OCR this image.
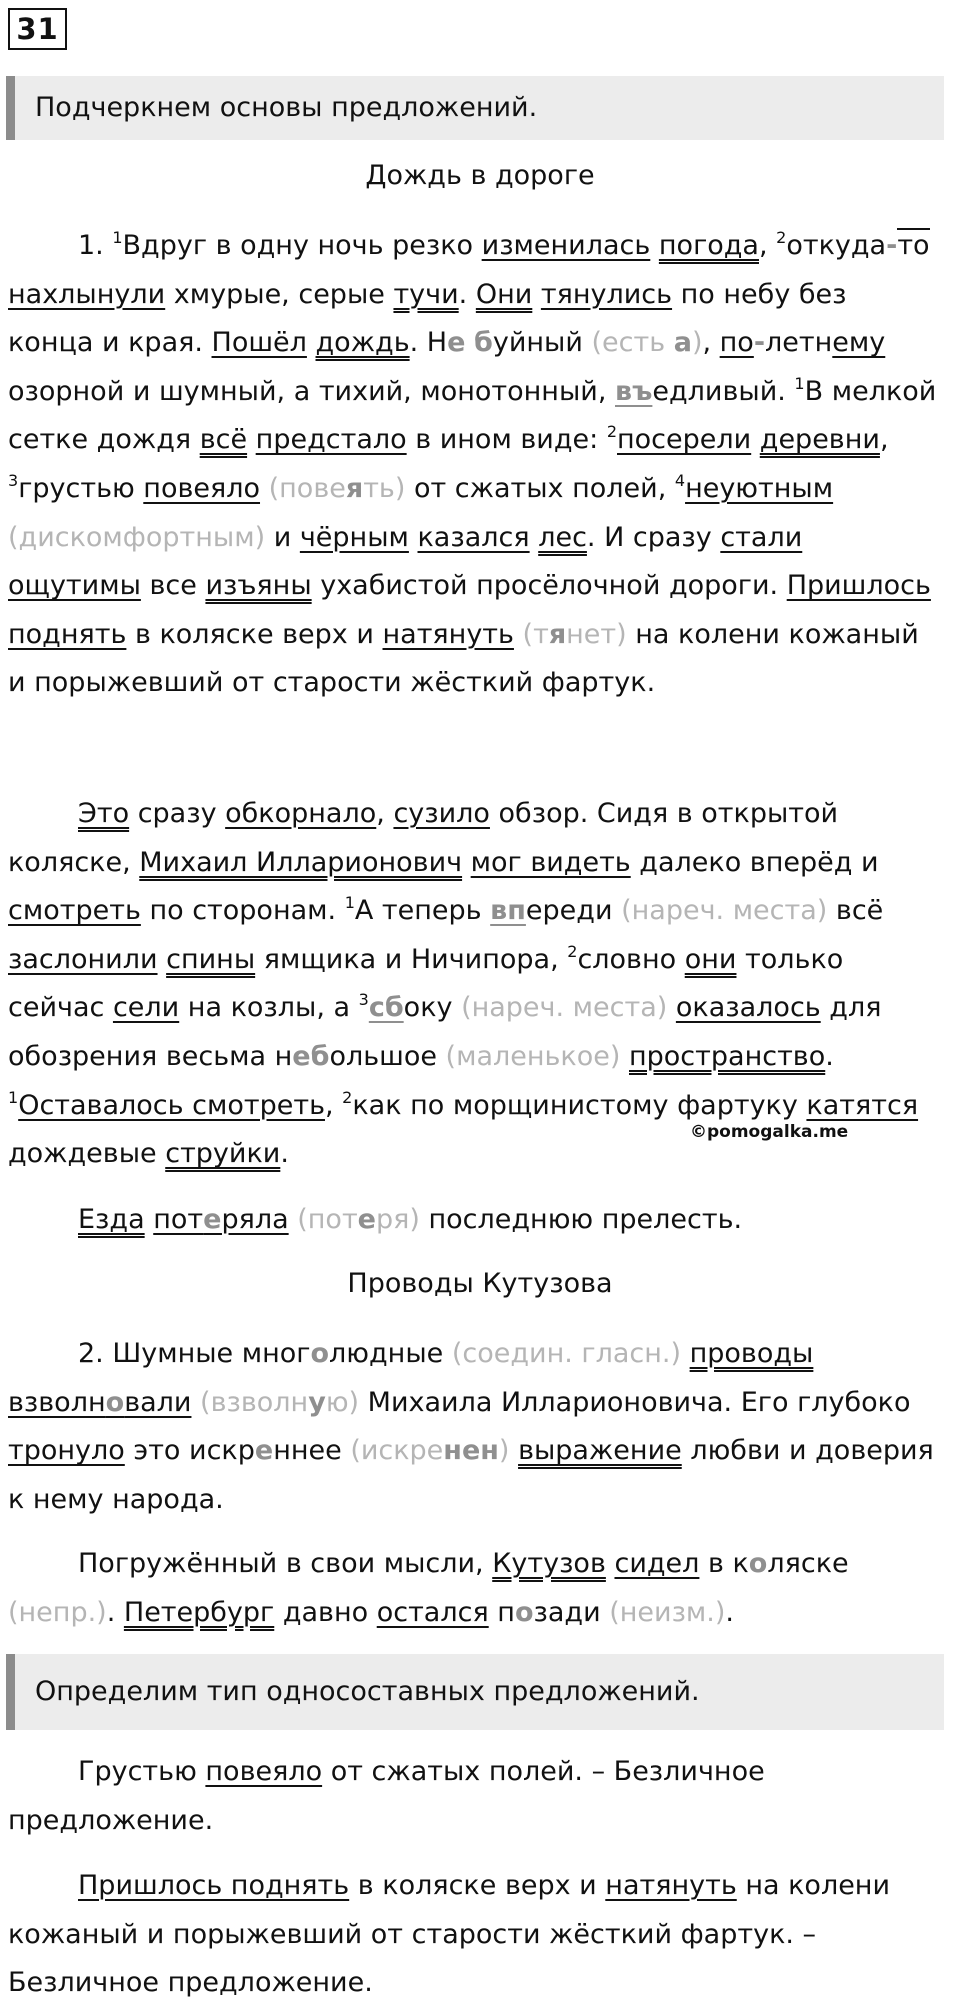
31
Подчеркнем основы предложений.
Дождь в дороге
1. $^1$Вдруг в одну ночь резко изменилась погода, $^2$откуда-то нахлынули хмурые, серые тучи. Они тянулись по небу без конца и края. Пошёл дождь. Не буйный (есть а), по-летнему озорной и шумный, а тихий, монотонный, въедливый. $^1$В мелкой сетке дождя всё предстало в ином виде: $^2$посерели деревни, $^3$грустью повеяло (повеять) от сжатых полей, $^4$неуютным (дискомфортным) и чёрным казался лес. И сразу стали ощутимы все изъяны ухабистой просёлочной дороги. Пришлось поднять в коляске верх и натянуть (тянет) на колени кожаный и порыжевший от старости жёсткий фартук.
Это сразу обкорнало, сузило обзор. Сидя в открытой коляске, Михаил Илларионович мог видеть далеко вперёд и смотреть по сторонам. $^1$А теперь впереди (нареч. места) всё заслонили спины ямщика и Ничипора, $^2$словно они только сейчас сели на козлы, а $^3$сбоку (нареч. места) оказалось для обозрения весьма небольшое (маленькое) пространство. $^1$Оставалось смотреть, $^2$как по морщинистому фартуку катятся дождевые струйки.
©pomogalka.me
Езда потеряла (потеря) последнюю прелесть.
Проводы Кутузова
2. Шумные многолюдные (соедин. гласн.) проводы взволновали (взволную) Михаила Илларионовича. Его глубоко тронуло это искреннее (искренен) выражение любви и доверия к нему народа.
Погружённый в свои мысли, Кутузов сидел в коляске (непр.). Петербург давно остался позади (неизм.).
Определим тип односоставных предложений.
Грустью повеяло от сжатых полей. – Безличное предложение.
Пришлось поднять в коляске верх и натянуть на колени кожаный и порыжевший от старости жёсткий фартук. – Безличное предложение.
